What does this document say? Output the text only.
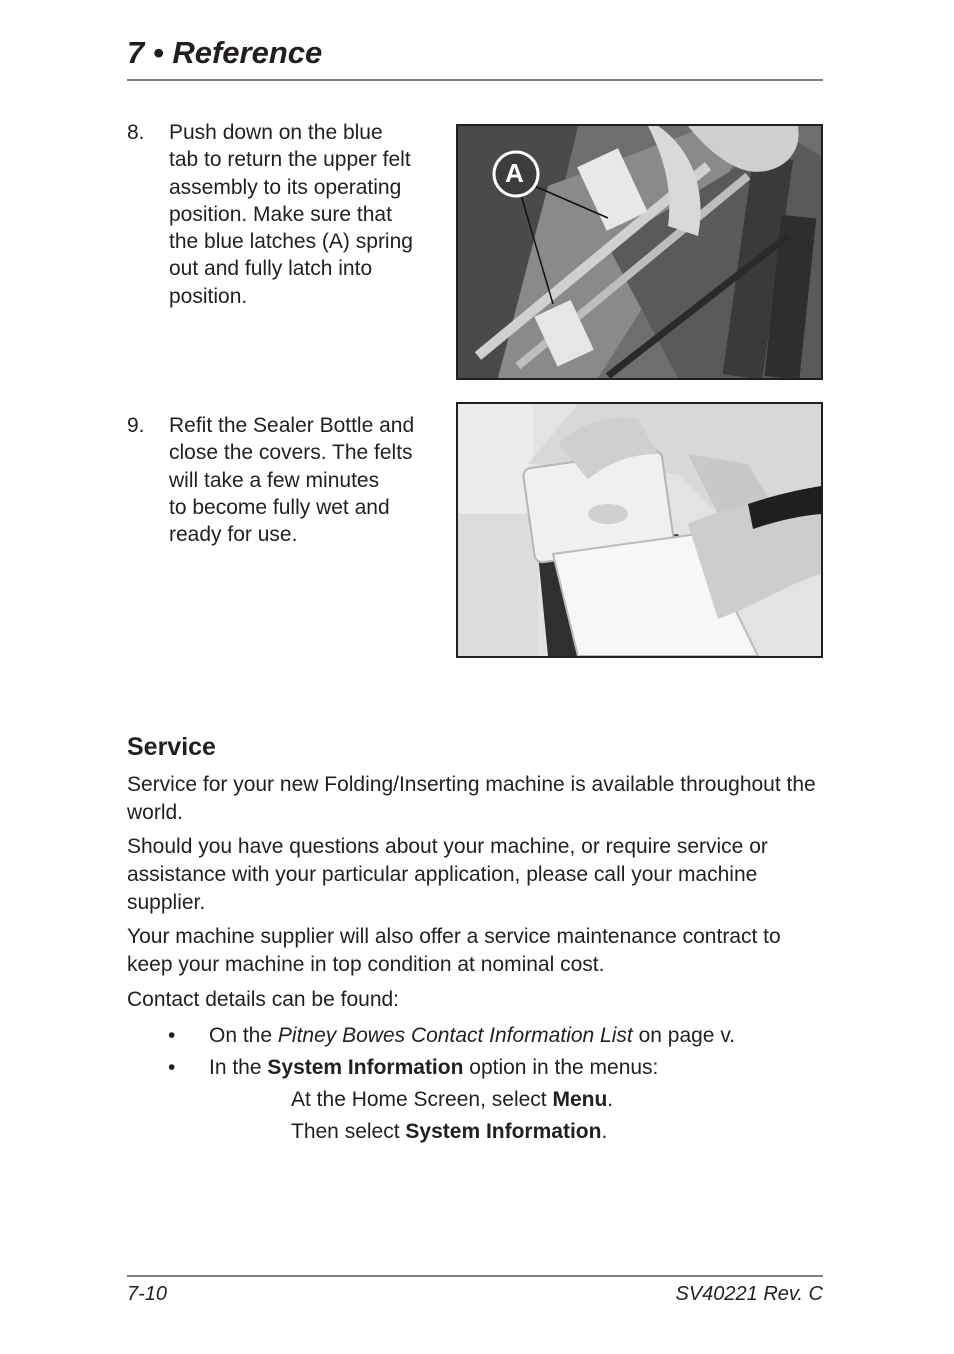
7 • Reference
8.	Push down on the blue
tab to return the upper felt
assembly to its operating
position. Make sure that
the blue latches (A) spring
out and fully latch into
position.
A
9.	Refit the Sealer Bottle and
close the covers. The felts
will take a few minutes
to become fully wet and
ready for use.
Service

Service for your new Folding/Inserting machine is available throughout the world.

Should you have questions about your machine, or require service or assistance with your particular application, please call your machine supplier.

Your machine supplier will also offer a service maintenance contract to keep your machine in top condition at nominal cost.

Contact details can be found:

• On the Pitney Bowes Contact Information List on page v.
• In the System Information option in the menus:
At the Home Screen, select Menu.
Then select System Information.
7-10	SV40221 Rev. C
